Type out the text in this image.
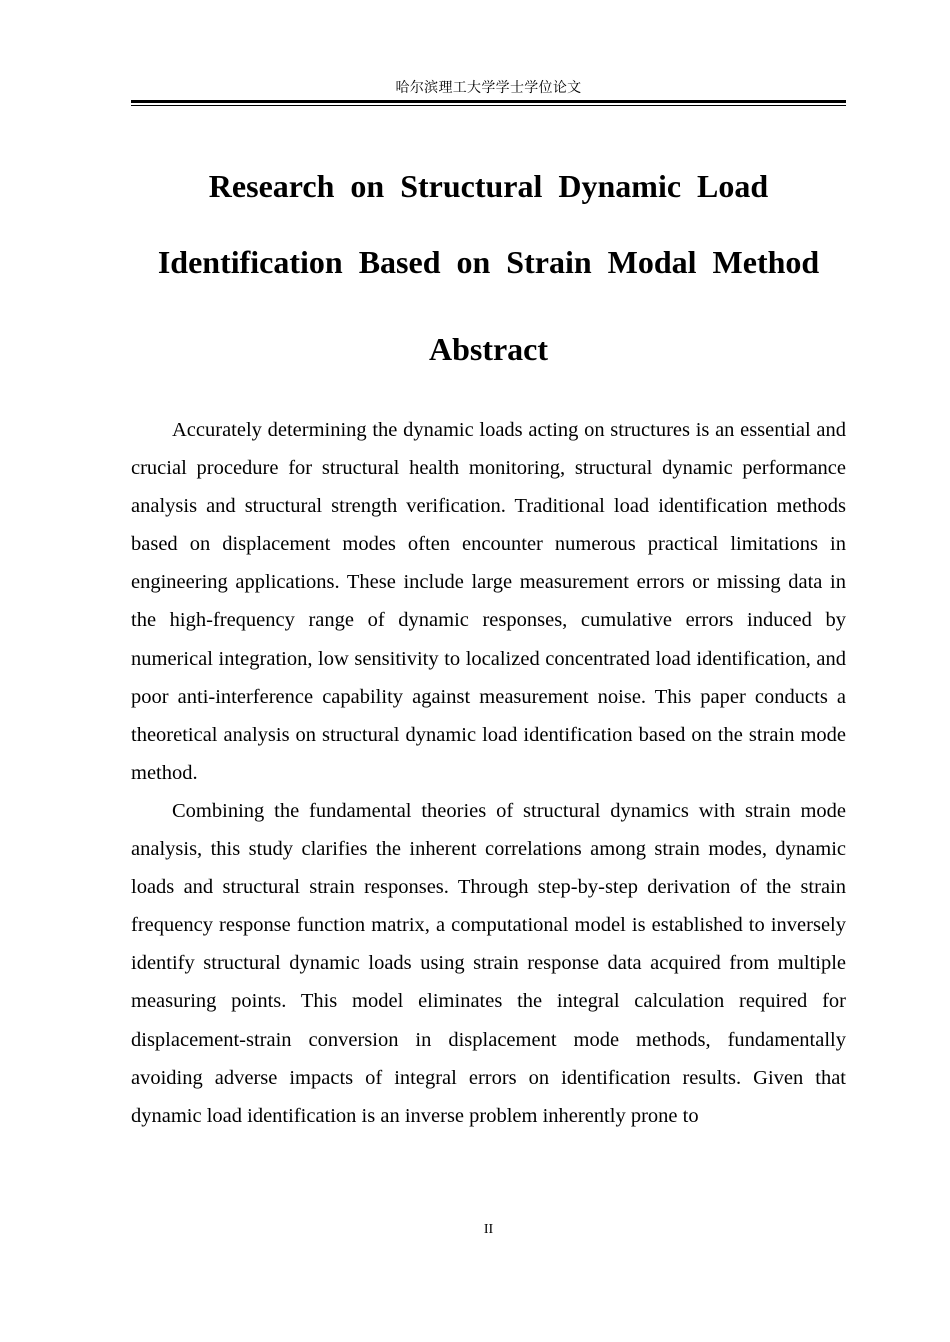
哈尔滨理工大学学士学位论文
Research on Structural Dynamic Load
Identification Based on Strain Modal Method
Abstract

Accurately determining the dynamic loads acting on structures is an essential and crucial procedure for structural health monitoring, structural dynamic performance analysis and structural strength verification. Traditional load identification methods based on displacement modes often encounter numerous practical limitations in engineering applications. These include large measurement errors or missing data in the high-frequency range of dynamic responses, cumulative errors induced by numerical integration, low sensitivity to localized concentrated load identification, and poor anti-interference capability against measurement noise. This paper conducts a theoretical analysis on structural dynamic load identification based on the strain mode method.

Combining the fundamental theories of structural dynamics with strain mode analysis, this study clarifies the inherent correlations among strain modes, dynamic loads and structural strain responses. Through step-by-step derivation of the strain frequency response function matrix, a computational model is established to inversely identify structural dynamic loads using strain response data acquired from multiple measuring points. This model eliminates the integral calculation required for displacement-strain conversion in displacement mode methods, fundamentally avoiding adverse impacts of integral errors on identification results. Given that dynamic load identification is an inverse problem inherently prone to

II
